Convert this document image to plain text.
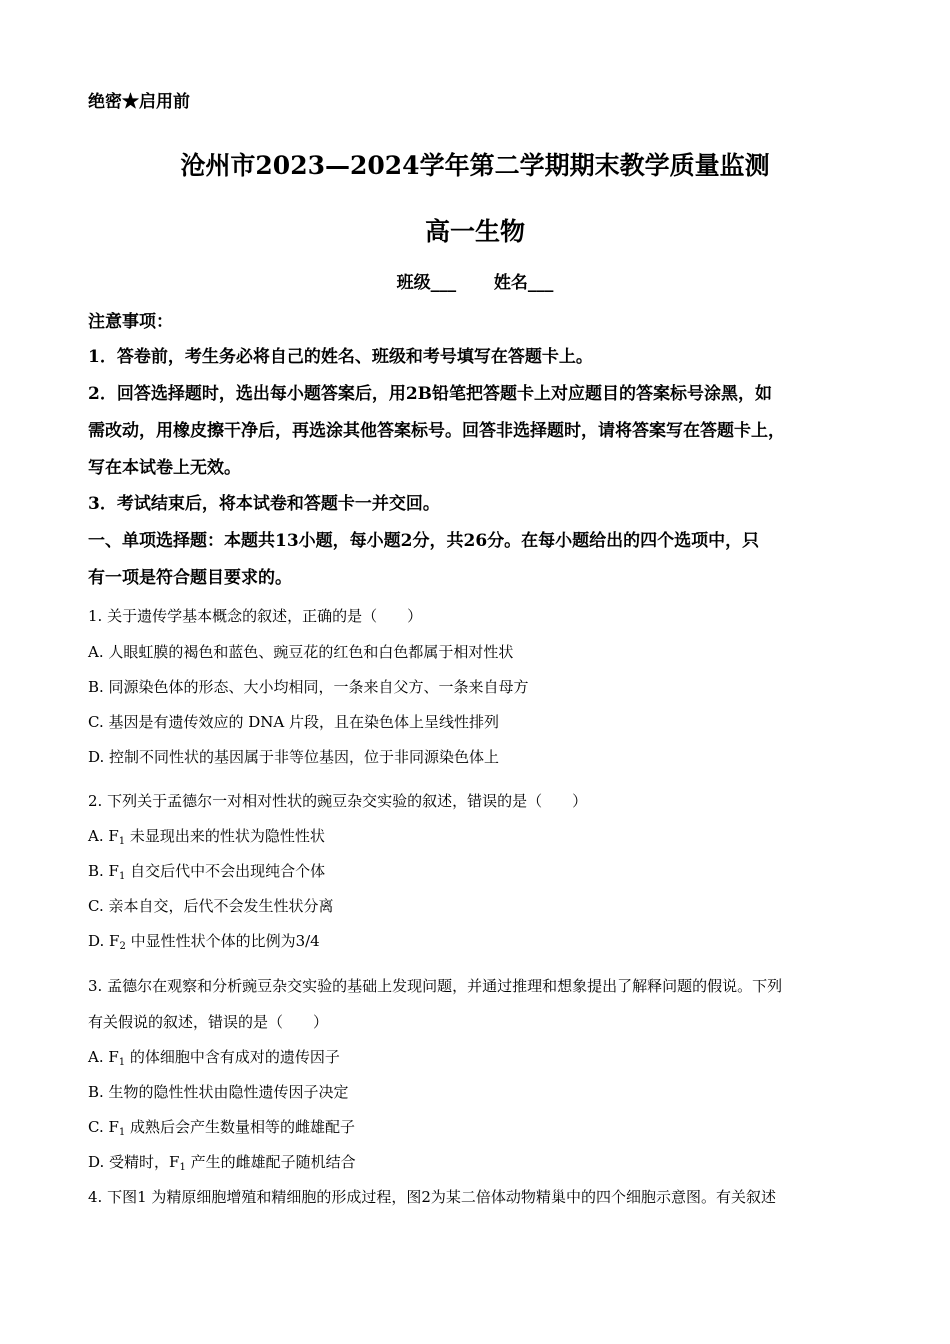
绝密★启用前
沧州市2023—2024学年第二学期期末教学质量监测
高一生物
班级___ 姓名___
注意事项：
1．答卷前，考生务必将自己的姓名、班级和考号填写在答题卡上。
2．回答选择题时，选出每小题答案后，用2B铅笔把答题卡上对应题目的答案标号涂黑，如
需改动，用橡皮擦干净后，再选涂其他答案标号。回答非选择题时，请将答案写在答题卡上，
写在本试卷上无效。
3．考试结束后，将本试卷和答题卡一并交回。
一、单项选择题：本题共13小题，每小题2分，共26分。在每小题给出的四个选项中，只
有一项是符合题目要求的。
1. 关于遗传学基本概念的叙述，正确的是（　　）
A. 人眼虹膜的褐色和蓝色、豌豆花的红色和白色都属于相对性状
B. 同源染色体的形态、大小均相同，一条来自父方、一条来自母方
C. 基因是有遗传效应的 DNA 片段，且在染色体上呈线性排列
D. 控制不同性状的基因属于非等位基因，位于非同源染色体上
2. 下列关于孟德尔一对相对性状的豌豆杂交实验的叙述，错误的是（　　）
A. $F_1$ 未显现出来的性状为隐性性状
B. $F_1$ 自交后代中不会出现纯合个体
C. 亲本自交，后代不会发生性状分离
D. $F_2$ 中显性性状个体的比例为3/4
3. 孟德尔在观察和分析豌豆杂交实验的基础上发现问题，并通过推理和想象提出了解释问题的假说。下列
有关假说的叙述，错误的是（　　）
A. $F_1$ 的体细胞中含有成对的遗传因子
B. 生物的隐性性状由隐性遗传因子决定
C. $F_1$ 成熟后会产生数量相等的雌雄配子
D. 受精时，$F_1$ 产生的雌雄配子随机结合
4. 下图1 为精原细胞增殖和精细胞的形成过程，图2为某二倍体动物精巢中的四个细胞示意图。有关叙述
